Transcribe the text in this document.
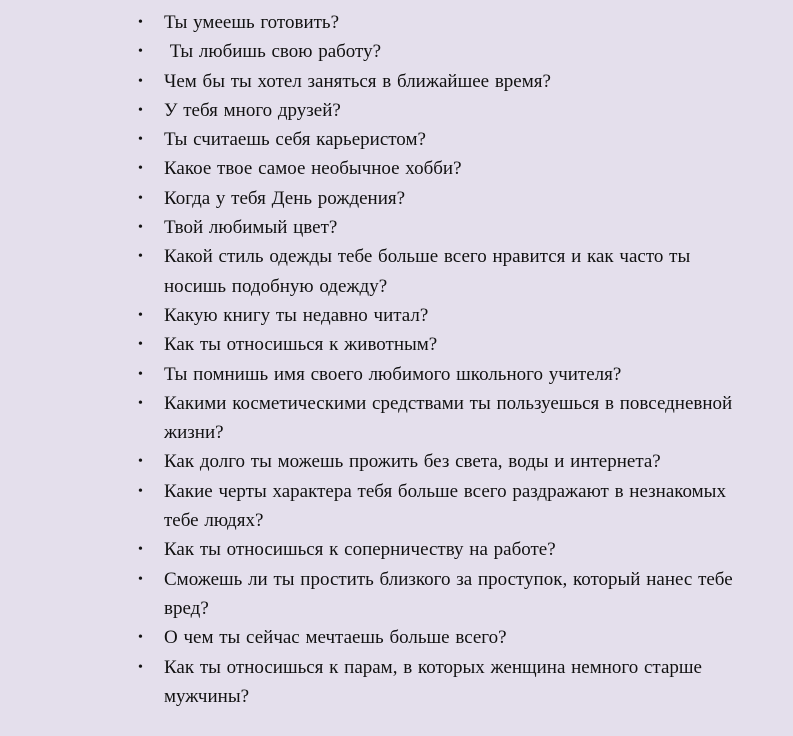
• Ты умеешь готовить?
• Ты любишь свою работу?
• Чем бы ты хотел заняться в ближайшее время?
• У тебя много друзей?
• Ты считаешь себя карьеристом?
• Какое твое самое необычное хобби?
• Когда у тебя День рождения?
• Твой любимый цвет?
• Какой стиль одежды тебе больше всего нравится и как часто ты носишь подобную одежду?
• Какую книгу ты недавно читал?
• Как ты относишься к животным?
• Ты помнишь имя своего любимого школьного учителя?
• Какими косметическими средствами ты пользуешься в повседневной жизни?
• Как долго ты можешь прожить без света, воды и интернета?
• Какие черты характера тебя больше всего раздражают в незнакомых тебе людях?
• Как ты относишься к соперничеству на работе?
• Сможешь ли ты простить близкого за проступок, который нанес тебе вред?
• О чем ты сейчас мечтаешь больше всего?
• Как ты относишься к парам, в которых женщина немного старше мужчины?
